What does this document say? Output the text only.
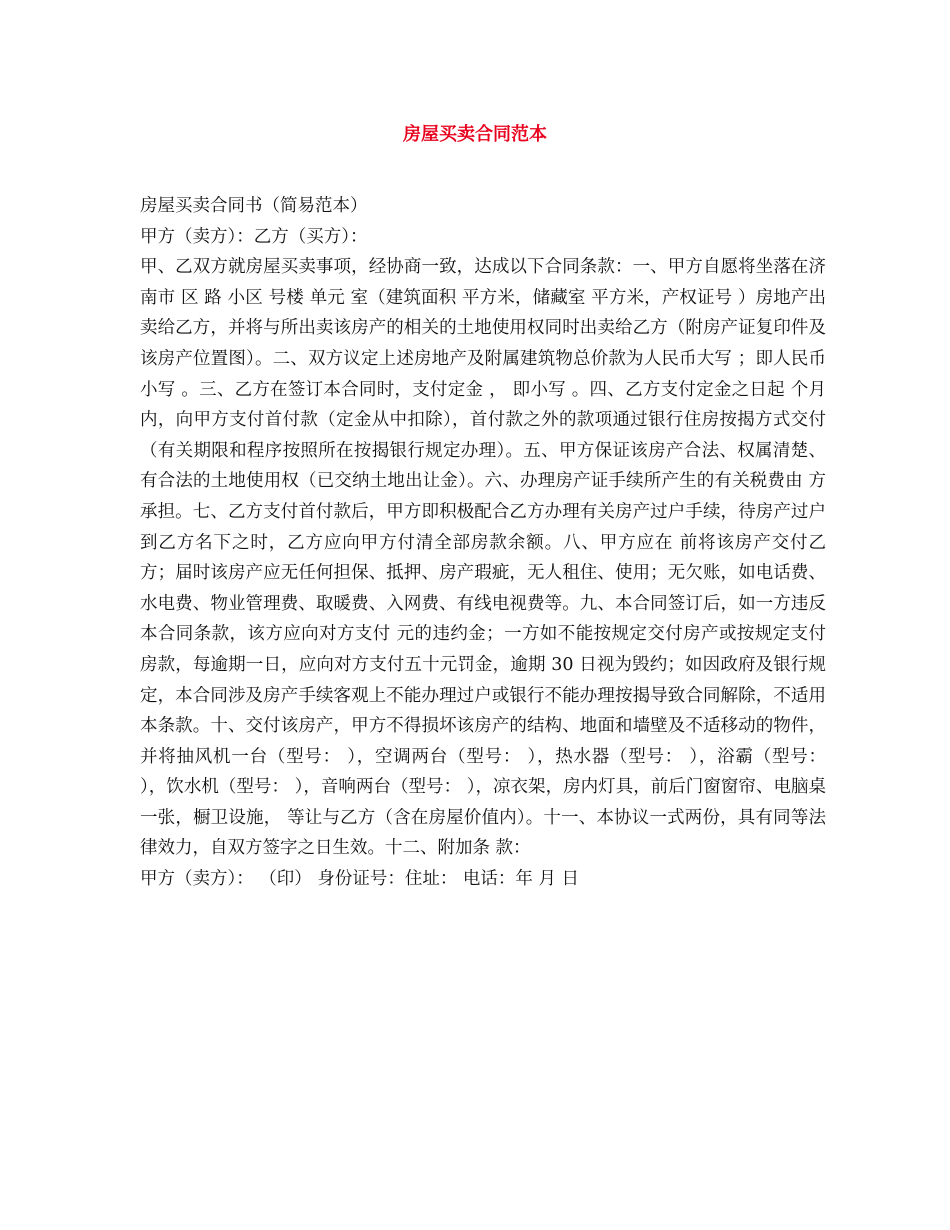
房屋买卖合同范本

房屋买卖合同书（简易范本）

甲方（卖方）：乙方（买方）：

甲、乙双方就房屋买卖事项，经协商一致，达成以下合同条款：一、甲方自愿将坐落在济南市 区 路 小区 号楼 单元 室（建筑面积 平方米，储藏室 平方米，产权证号 ）房地产出卖给乙方，并将与所出卖该房产的相关的土地使用权同时出卖给乙方（附房产证复印件及该房产位置图）。二、双方议定上述房地产及附属建筑物总价款为人民币大写 ；即人民币小写 。三、乙方在签订本合同时，支付定金 ， 即小写 。四、乙方支付定金之日起 个月内，向甲方支付首付款（定金从中扣除），首付款之外的款项通过银行住房按揭方式交付（有关期限和程序按照所在按揭银行规定办理）。五、甲方保证该房产合法、权属清楚、有合法的土地使用权（已交纳土地出让金）。六、办理房产证手续所产生的有关税费由 方承担。七、乙方支付首付款后，甲方即积极配合乙方办理有关房产过户手续，待房产过户到乙方名下之时，乙方应向甲方付清全部房款余额。八、甲方应在 前将该房产交付乙方；届时该房产应无任何担保、抵押、房产瑕疵，无人租住、使用；无欠账，如电话费、水电费、物业管理费、取暖费、入网费、有线电视费等。九、本合同签订后，如一方违反本合同条款，该方应向对方支付 元的违约金；一方如不能按规定交付房产或按规定支付房款，每逾期一日，应向对方支付五十元罚金，逾期 30 日视为毁约；如因政府及银行规定，本合同涉及房产手续客观上不能办理过户或银行不能办理按揭导致合同解除，不适用本条款。十、交付该房产，甲方不得损坏该房产的结构、地面和墙壁及不适移动的物件，并将抽风机一台（型号： ），空调两台（型号： ），热水器（型号： ），浴霸（型号： ），饮水机（型号： ），音响两台（型号： ），凉衣架，房内灯具，前后门窗窗帘、电脑桌一张，橱卫设施， 等让与乙方（含在房屋价值内）。十一、本协议一式两份，具有同等法律效力，自双方签字之日生效。十二、附加条 款：

甲方（卖方）： （印） 身份证号：住址： 电话：年 月 日
